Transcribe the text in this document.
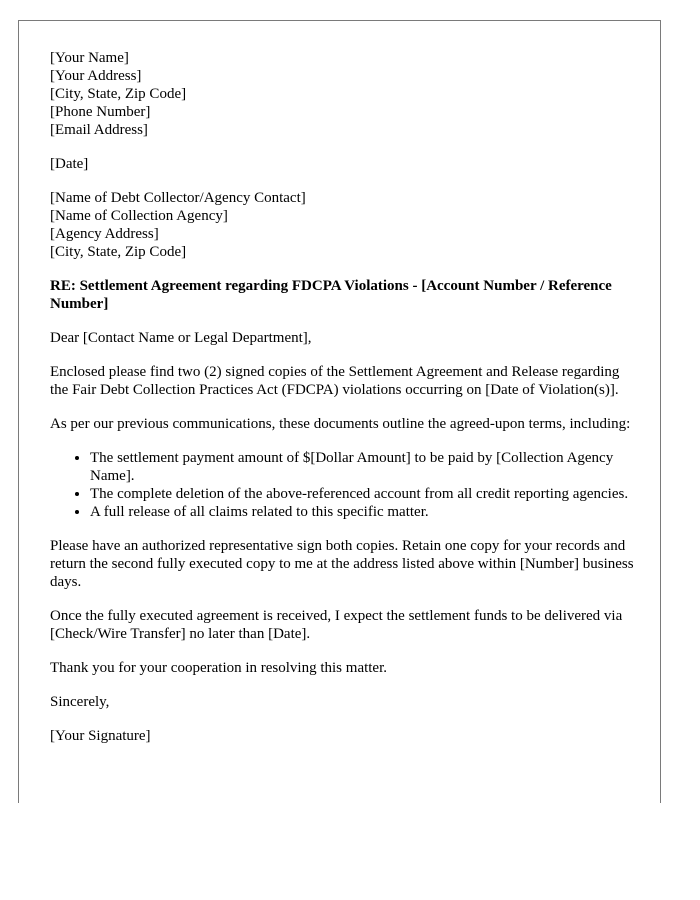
[Your Name]
[Your Address]
[City, State, Zip Code]
[Phone Number]
[Email Address]

[Date]

[Name of Debt Collector/Agency Contact]
[Name of Collection Agency]
[Agency Address]
[City, State, Zip Code]

RE: Settlement Agreement regarding FDCPA Violations - [Account Number / Reference Number]

Dear [Contact Name or Legal Department],

Enclosed please find two (2) signed copies of the Settlement Agreement and Release regarding the Fair Debt Collection Practices Act (FDCPA) violations occurring on [Date of Violation(s)].

As per our previous communications, these documents outline the agreed-upon terms, including:

• The settlement payment amount of $[Dollar Amount] to be paid by [Collection Agency Name].
• The complete deletion of the above-referenced account from all credit reporting agencies.
• A full release of all claims related to this specific matter.

Please have an authorized representative sign both copies. Retain one copy for your records and return the second fully executed copy to me at the address listed above within [Number] business days.

Once the fully executed agreement is received, I expect the settlement funds to be delivered via [Check/Wire Transfer] no later than [Date].

Thank you for your cooperation in resolving this matter.

Sincerely,

[Your Signature]
